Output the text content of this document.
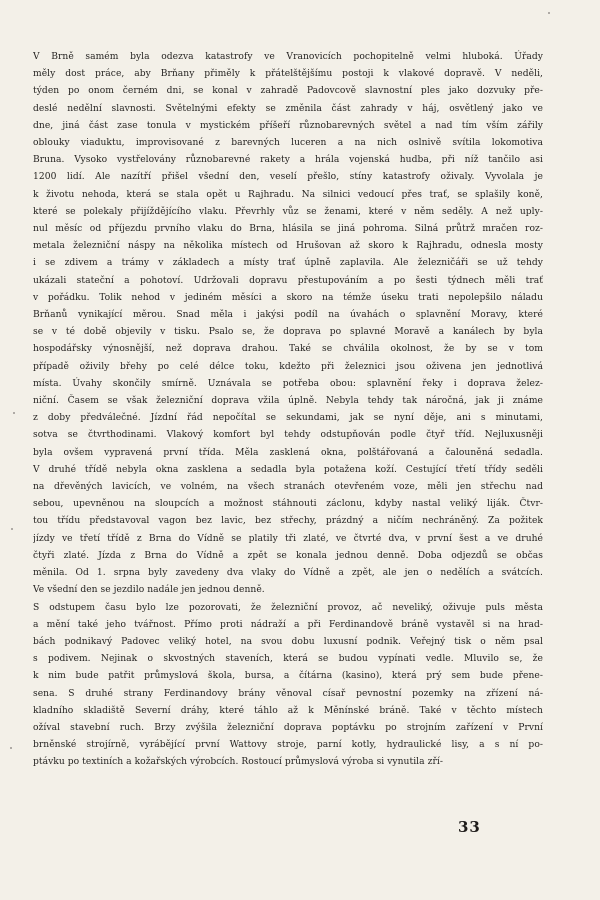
V Brně samém byla odezva katastrofy ve Vranovicích pochopitelně velmi hluboká. Úřady
měly dost práce, aby Brňany přiměly k přátelštějšímu postoji k vlakové dopravě. V neděli,
týden po onom černém dni, se konal v zahradě Padovcově slavnostní ples jako dozvuky pře-
deslé nedělní slavnosti. Světelnými efekty se změnila část zahrady v háj, osvětlený jako ve
dne, jiná část zase tonula v mystickém příšeří různobarevných světel a nad tím vším zářily
oblouky viaduktu, improvisované z barevných luceren a na nich oslnivě svítila lokomotiva
Bruna. Vysoko vystřelovány různobarevné rakety a hrála vojenská hudba, při níž tančilo asi
1200 lidí. Ale nazítří přišel všední den, veselí přešlo, stíny katastrofy oživaly. Vyvolala je
k životu nehoda, která se stala opět u Rajhradu. Na silnici vedoucí přes trať, se splašily koně,
které se polekaly přijíždějícího vlaku. Převrhly vůz se ženami, které v něm seděly. A než uply-
nul měsíc od příjezdu prvního vlaku do Brna, hlásila se jiná pohroma. Silná průtrž mračen roz-
metala železniční náspy na několika místech od Hrušovan až skoro k Rajhradu, odnesla mosty
i se zdivem a trámy v základech a místy trať úplně zaplavila. Ale železničáři se už tehdy
ukázali stateční a pohotoví. Udržovali dopravu přestupováním a po šesti týdnech měli trať
v pořádku. Tolik nehod v jediném měsíci a skoro na témže úseku trati nepolepšilo náladu
Brňanů vynikající měrou. Snad měla i jakýsi podíl na úvahách o splavnění Moravy, které
se v té době objevily v tisku. Psalo se, že doprava po splavné Moravě a kanálech by byla
hospodářsky výnosnější, než doprava drahou. Také se chválila okolnost, že by se v tom
případě oživily břehy po celé délce toku, kdežto při železnici jsou oživena jen jednotlivá
místa. Úvahy skončily smírně. Uznávala se potřeba obou: splavnění řeky i doprava želez-
niční. Časem se však železniční doprava vžila úplně. Nebyla tehdy tak náročná, jak ji známe
z doby předválečné. Jízdní řád nepočítal se sekundami, jak se nyní děje, ani s minutami,
sotva se čtvrthodinami. Vlakový komfort byl tehdy odstupňován podle čtyř tříd. Nejluxusněji
byla ovšem vypravená první třída. Měla zasklená okna, polštářovaná a čalouněná sedadla.
V druhé třídě nebyla okna zasklena a sedadla byla potažena koží. Cestující třetí třídy seděli
na dřevěných lavicích, ve volném, na všech stranách otevřeném voze, měli jen střechu nad
sebou, upevněnou na sloupcích a možnost stáhnouti záclonu, kdyby nastal veliký liják. Čtvr-
tou třídu představoval vagon bez lavic, bez střechy, prázdný a ničím nechráněný. Za požitek
jízdy ve třetí třídě z Brna do Vídně se platily tři zlaté, ve čtvrté dva, v první šest a ve druhé
čtyři zlaté. Jízda z Brna do Vídně a zpět se konala jednou denně. Doba odjezdů se občas
měnila. Od 1. srpna byly zavedeny dva vlaky do Vídně a zpět, ale jen o nedělích a svátcích.
Ve všední den se jezdilo nadále jen jednou denně.
S odstupem času bylo lze pozorovati, že železniční provoz, ač neveliký, oživuje puls města
a mění také jeho tvářnost. Přímo proti nádraží a při Ferdinandově bráně vystavěl si na hrad-
bách podnikavý Padovec veliký hotel, na svou dobu luxusní podnik. Veřejný tisk o něm psal
s podivem. Nejinak o skvostných staveních, která se budou vypínati vedle. Mluvilo se, že
k nim bude patřit průmyslová škola, bursa, a čítárna (kasino), která prý sem bude přene-
sena. S druhé strany Ferdinandovy brány věnoval císař pevnostní pozemky na zřízení ná-
kladního skladiště Severní dráhy, které táhlo až k Měnínské bráně. Také v těchto místech
ožíval stavební ruch. Brzy zvýšila železniční doprava poptávku po strojním zařízení v První
brněnské strojírně, vyrábějící první Wattovy stroje, parní kotly, hydraulické lisy, a s ní po-
ptávku po textiních a kožařských výrobcích. Rostoucí průmyslová výroba si vynutila zří-
33
